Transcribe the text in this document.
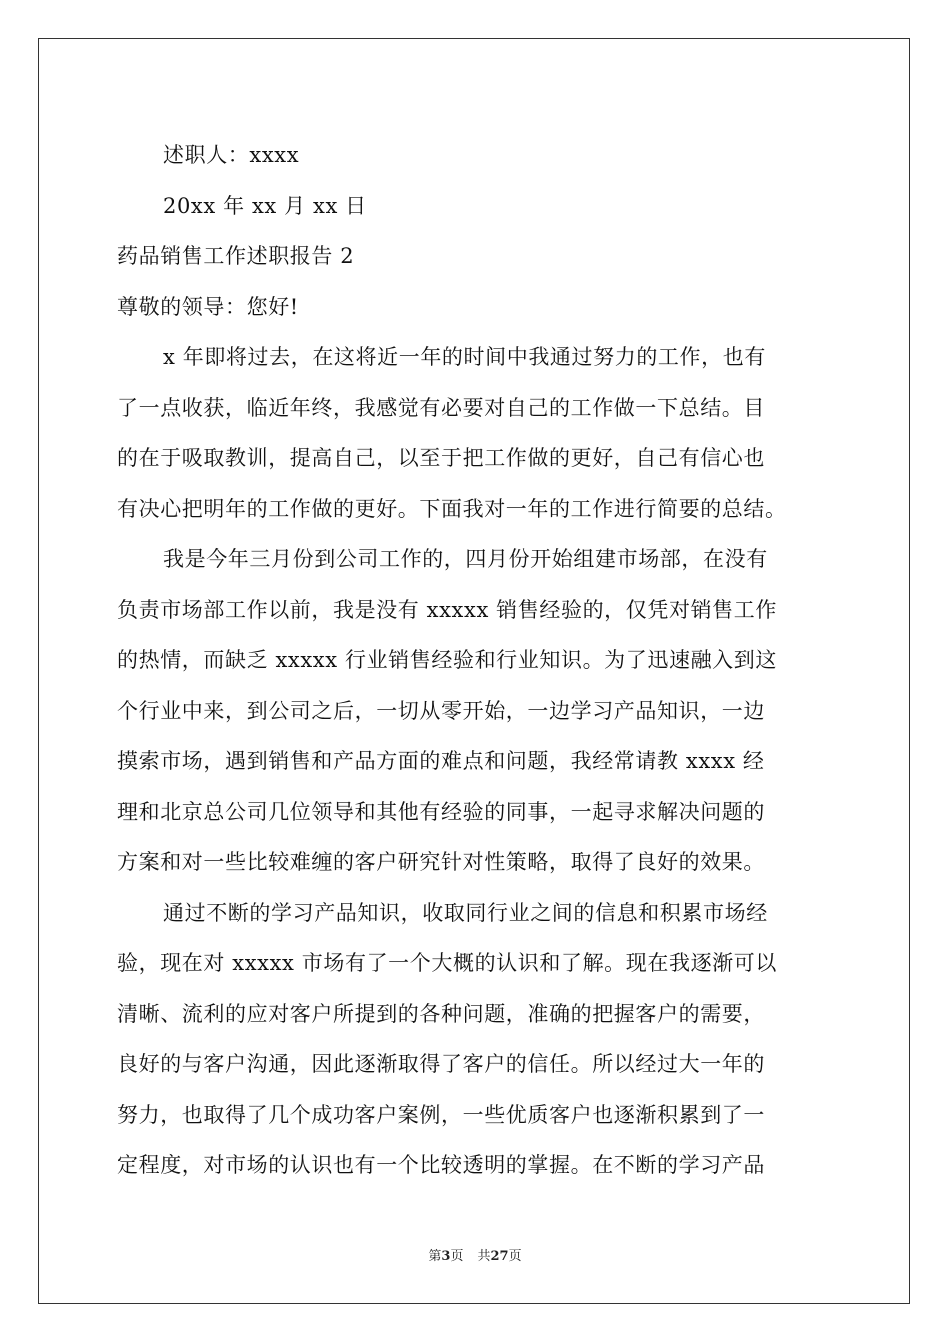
述职人：xxxx
20xx 年 xx 月 xx 日
药品销售工作述职报告 2
尊敬的领导：您好!
x 年即将过去，在这将近一年的时间中我通过努力的工作，也有
了一点收获，临近年终，我感觉有必要对自己的工作做一下总结。目
的在于吸取教训，提高自己，以至于把工作做的更好，自己有信心也
有决心把明年的工作做的更好。下面我对一年的工作进行简要的总结。
我是今年三月份到公司工作的，四月份开始组建市场部，在没有
负责市场部工作以前，我是没有 xxxxx 销售经验的，仅凭对销售工作
的热情，而缺乏 xxxxx 行业销售经验和行业知识。为了迅速融入到这
个行业中来，到公司之后，一切从零开始，一边学习产品知识，一边
摸索市场，遇到销售和产品方面的难点和问题，我经常请教 xxxx 经
理和北京总公司几位领导和其他有经验的同事，一起寻求解决问题的
方案和对一些比较难缠的客户研究针对性策略，取得了良好的效果。
通过不断的学习产品知识，收取同行业之间的信息和积累市场经
验，现在对 xxxxx 市场有了一个大概的认识和了解。现在我逐渐可以
清晰、流利的应对客户所提到的各种问题，准确的把握客户的需要，
良好的与客户沟通，因此逐渐取得了客户的信任。所以经过大一年的
努力，也取得了几个成功客户案例，一些优质客户也逐渐积累到了一
定程度，对市场的认识也有一个比较透明的掌握。在不断的学习产品
第3页 共27页
